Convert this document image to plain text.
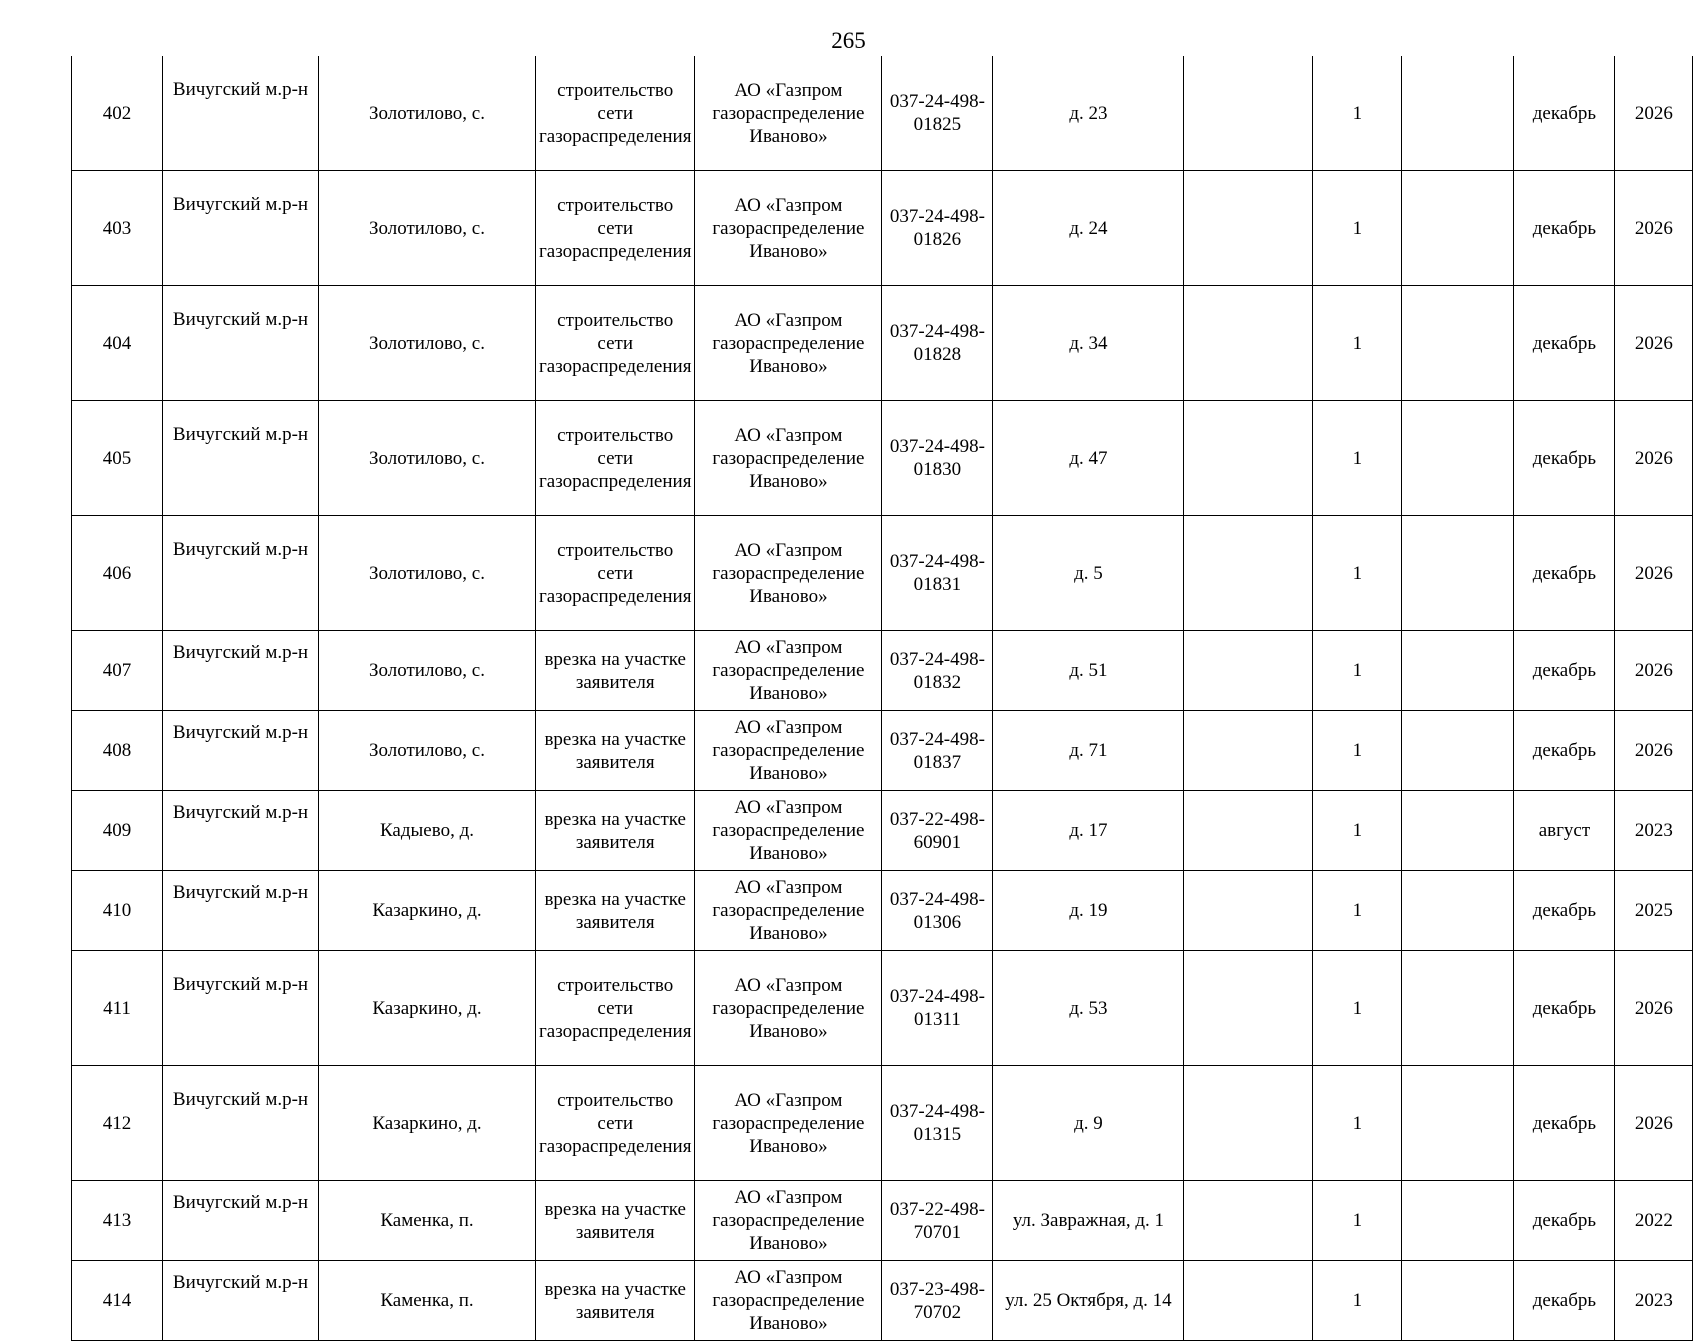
265
402	Вичугский м.р-н	Золотилово, с.	строительство сети газораспределения	АО «Газпром газораспределение Иваново»	037-24-498-01825	д. 23		1		декабрь	2026
403	Вичугский м.р-н	Золотилово, с.	строительство сети газораспределения	АО «Газпром газораспределение Иваново»	037-24-498-01826	д. 24		1		декабрь	2026
404	Вичугский м.р-н	Золотилово, с.	строительство сети газораспределения	АО «Газпром газораспределение Иваново»	037-24-498-01828	д. 34		1		декабрь	2026
405	Вичугский м.р-н	Золотилово, с.	строительство сети газораспределения	АО «Газпром газораспределение Иваново»	037-24-498-01830	д. 47		1		декабрь	2026
406	Вичугский м.р-н	Золотилово, с.	строительство сети газораспределения	АО «Газпром газораспределение Иваново»	037-24-498-01831	д. 5		1		декабрь	2026
407	Вичугский м.р-н	Золотилово, с.	врезка на участке заявителя	АО «Газпром газораспределение Иваново»	037-24-498-01832	д. 51		1		декабрь	2026
408	Вичугский м.р-н	Золотилово, с.	врезка на участке заявителя	АО «Газпром газораспределение Иваново»	037-24-498-01837	д. 71		1		декабрь	2026
409	Вичугский м.р-н	Кадыево, д.	врезка на участке заявителя	АО «Газпром газораспределение Иваново»	037-22-498-60901	д. 17		1		август	2023
410	Вичугский м.р-н	Казаркино, д.	врезка на участке заявителя	АО «Газпром газораспределение Иваново»	037-24-498-01306	д. 19		1		декабрь	2025
411	Вичугский м.р-н	Казаркино, д.	строительство сети газораспределения	АО «Газпром газораспределение Иваново»	037-24-498-01311	д. 53		1		декабрь	2026
412	Вичугский м.р-н	Казаркино, д.	строительство сети газораспределения	АО «Газпром газораспределение Иваново»	037-24-498-01315	д. 9		1		декабрь	2026
413	Вичугский м.р-н	Каменка, п.	врезка на участке заявителя	АО «Газпром газораспределение Иваново»	037-22-498-70701	ул. Завражная, д. 1		1		декабрь	2022
414	Вичугский м.р-н	Каменка, п.	врезка на участке заявителя	АО «Газпром газораспределение Иваново»	037-23-498-70702	ул. 25 Октября, д. 14		1		декабрь	2023
